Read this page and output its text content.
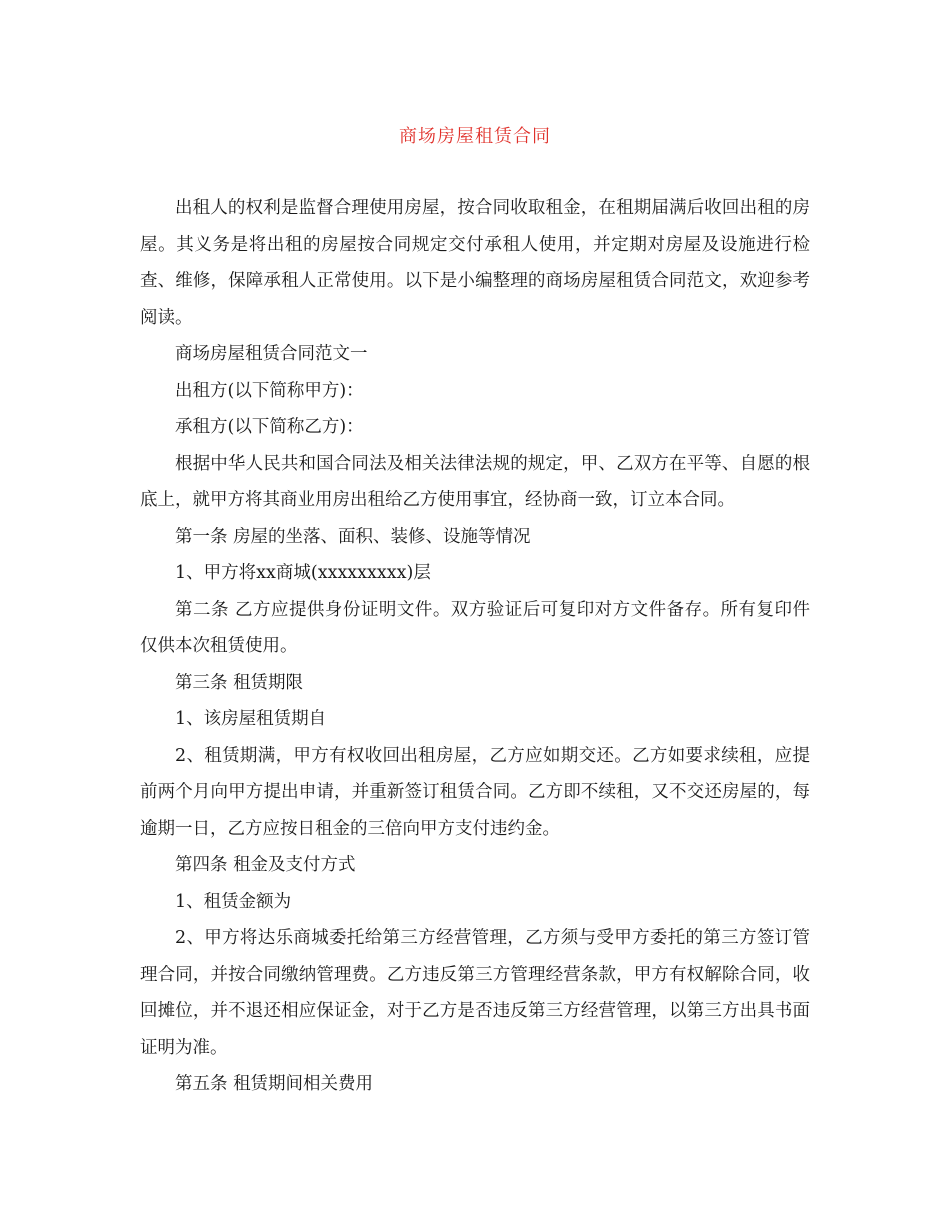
商场房屋租赁合同

出租人的权利是监督合理使用房屋，按合同收取租金，在租期届满后收回出租的房屋。其义务是将出租的房屋按合同规定交付承租人使用，并定期对房屋及设施进行检查、维修，保障承租人正常使用。以下是小编整理的商场房屋租赁合同范文，欢迎参考阅读。

商场房屋租赁合同范文一

出租方(以下简称甲方)：

承租方(以下简称乙方)：

根据中华人民共和国合同法及相关法律法规的规定，甲、乙双方在平等、自愿的根底上，就甲方将其商业用房出租给乙方使用事宜，经协商一致，订立本合同。

第一条 房屋的坐落、面积、装修、设施等情况

1、甲方将xx商城(xxxxxxxxx)层

第二条 乙方应提供身份证明文件。双方验证后可复印对方文件备存。所有复印件仅供本次租赁使用。

第三条 租赁期限

1、该房屋租赁期自

2、租赁期满，甲方有权收回出租房屋，乙方应如期交还。乙方如要求续租，应提前两个月向甲方提出申请，并重新签订租赁合同。乙方即不续租，又不交还房屋的，每逾期一日，乙方应按日租金的三倍向甲方支付违约金。

第四条 租金及支付方式

1、租赁金额为

2、甲方将达乐商城委托给第三方经营管理，乙方须与受甲方委托的第三方签订管理合同，并按合同缴纳管理费。乙方违反第三方管理经营条款，甲方有权解除合同，收回摊位，并不退还相应保证金，对于乙方是否违反第三方经营管理，以第三方出具书面证明为准。

第五条 租赁期间相关费用
